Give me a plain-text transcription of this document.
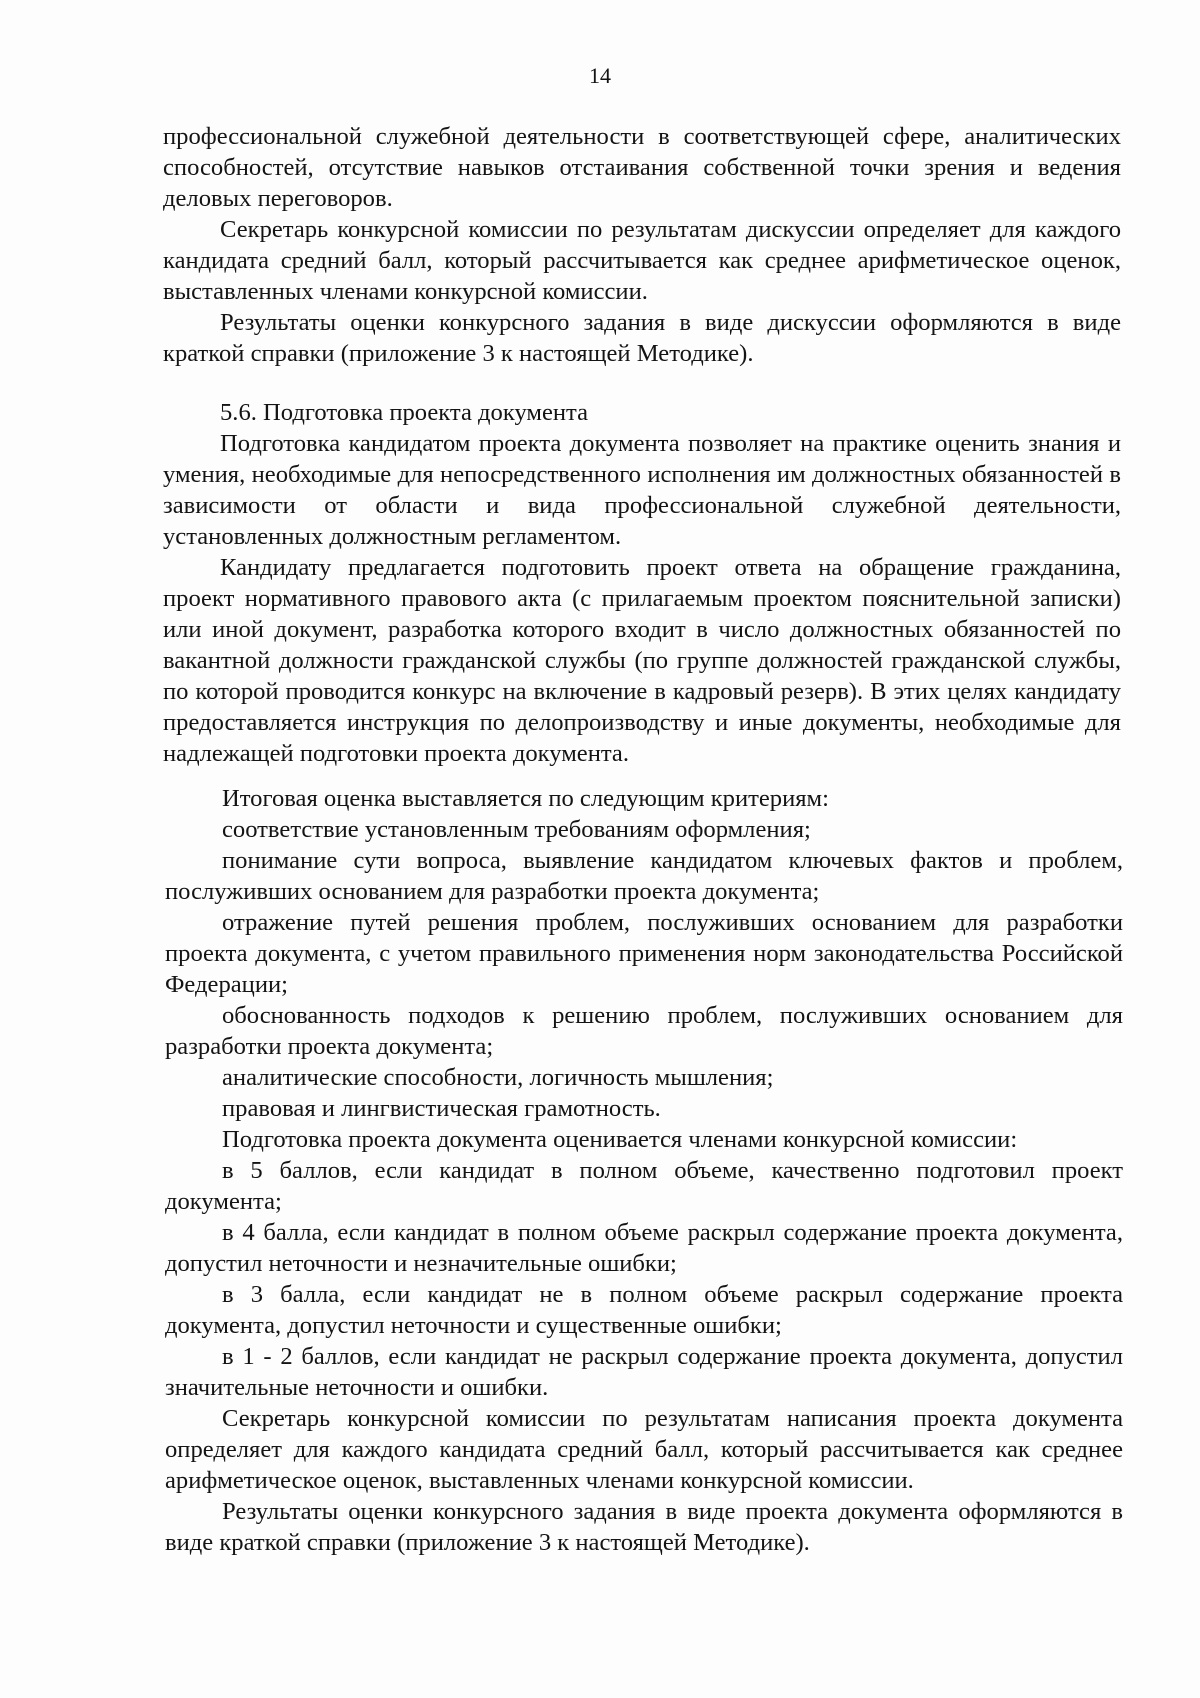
14

профессиональной служебной деятельности в соответствующей сфере, аналитических способностей, отсутствие навыков отстаивания собственной точки зрения и ведения деловых переговоров.

Секретарь конкурсной комиссии по результатам дискуссии определяет для каждого кандидата средний балл, который рассчитывается как среднее арифметическое оценок, выставленных членами конкурсной комиссии.

Результаты оценки конкурсного задания в виде дискуссии оформляются в виде краткой справки (приложение 3 к настоящей Методике).

5.6. Подготовка проекта документа

Подготовка кандидатом проекта документа позволяет на практике оценить знания и умения, необходимые для непосредственного исполнения им должностных обязанностей в зависимости от области и вида профессиональной служебной деятельности, установленных должностным регламентом.

Кандидату предлагается подготовить проект ответа на обращение гражданина, проект нормативного правового акта (с прилагаемым проектом пояснительной записки) или иной документ, разработка которого входит в число должностных обязанностей по вакантной должности гражданской службы (по группе должностей гражданской службы, по которой проводится конкурс на включение в кадровый резерв). В этих целях кандидату предоставляется инструкция по делопроизводству и иные документы, необходимые для надлежащей подготовки проекта документа.

Итоговая оценка выставляется по следующим критериям:

соответствие установленным требованиям оформления;

понимание сути вопроса, выявление кандидатом ключевых фактов и проблем, послуживших основанием для разработки проекта документа;

отражение путей решения проблем, послуживших основанием для разработки проекта документа, с учетом правильного применения норм законодательства Российской Федерации;

обоснованность подходов к решению проблем, послуживших основанием для разработки проекта документа;

аналитические способности, логичность мышления;

правовая и лингвистическая грамотность.

Подготовка проекта документа оценивается членами конкурсной комиссии:

в 5 баллов, если кандидат в полном объеме, качественно подготовил проект документа;

в 4 балла, если кандидат в полном объеме раскрыл содержание проекта документа, допустил неточности и незначительные ошибки;

в 3 балла, если кандидат не в полном объеме раскрыл содержание проекта документа, допустил неточности и существенные ошибки;

в 1 - 2 баллов, если кандидат не раскрыл содержание проекта документа, допустил значительные неточности и ошибки.

Секретарь конкурсной комиссии по результатам написания проекта документа определяет для каждого кандидата средний балл, который рассчитывается как среднее арифметическое оценок, выставленных членами конкурсной комиссии.

Результаты оценки конкурсного задания в виде проекта документа оформляются в виде краткой справки (приложение 3 к настоящей Методике).
